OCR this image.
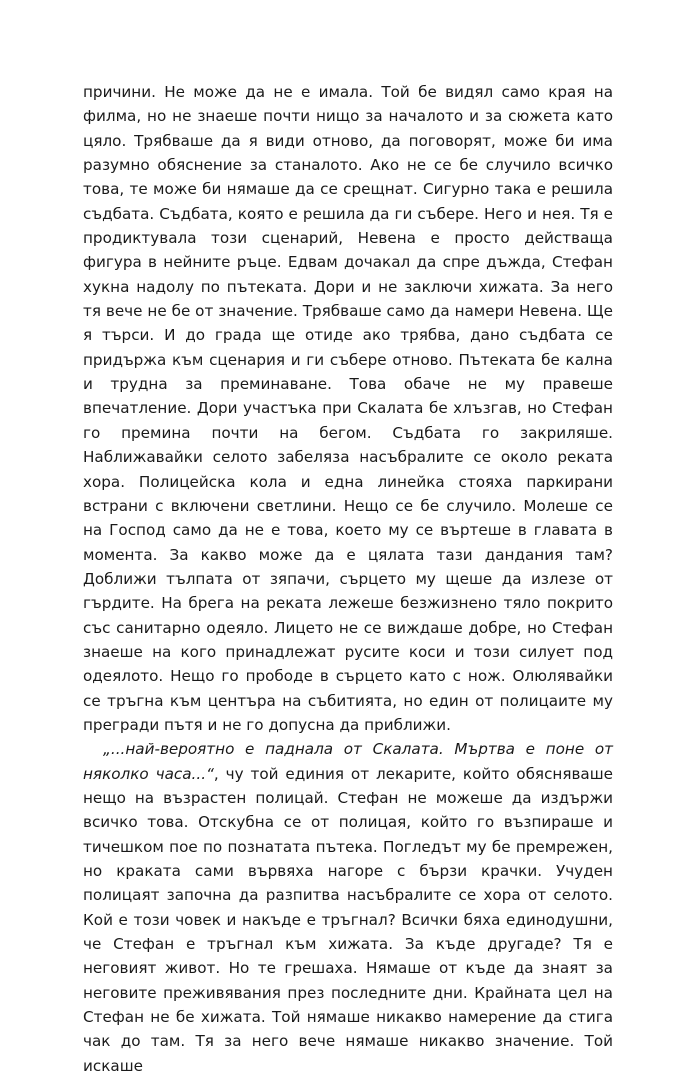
причини. Не може да не е имала. Той бе видял само края на филма, но не знаеше почти нищо за началото и за сюжета като цяло. Трябваше да я види отново, да поговорят, може би има разумно обяснение за станалото. Ако не се бе случило всичко това, те може би нямаше да се срещнат. Сигурно така е решила съдбата. Съдбата, която е решила да ги събере. Него и нея. Тя е продиктувала този сценарий, Невена е просто действаща фигура в нейните ръце. Едвам дочакал да спре дъжда, Стефан хукна надолу по пътеката. Дори и не заключи хижата. За него тя вече не бе от значение. Трябваше само да намери Невена. Ще я търси. И до града ще отиде ако трябва, дано съдбата се придържа към сценария и ги събере отново. Пътеката бе кална и трудна за преминаване. Това обаче не му правеше впечатление. Дори участъка при Скалата бе хлъзгав, но Стефан го премина почти на бегом. Съдбата го закриляше. Наближавайки селото забеляза насъбралите се около реката хора. Полицейска кола и една линейка стояха паркирани встрани с включени светлини. Нещо се бе случило. Молеше се на Господ само да не е това, което му се въртеше в главата в момента. За какво може да е цялата тази дандания там? Доближи тълпата от зяпачи, сърцето му щеше да излезе от гърдите. На брега на реката лежеше безжизнено тяло покрито със санитарно одеяло. Лицето не се виждаше добре, но Стефан знаеше на кого принадлежат русите коси и този силует под одеялото. Нещо го прободе в сърцето като с нож. Олюлявайки се тръгна към центъра на събитията, но един от полицаите му прегради пътя и не го допусна да приближи.

„...най-вероятно е паднала от Скалата. Мъртва е поне от няколко часа...“, чу той единия от лекарите, който обясняваше нещо на възрастен полицай. Стефан не можеше да издържи всичко това. Отскубна се от полицая, който го възпираше и тичешком пое по познатата пътека. Погледът му бе премрежен, но краката сами вървяха нагоре с бързи крачки. Учуден полицаят започна да разпитва насъбралите се хора от селото. Кой е този човек и накъде е тръгнал? Всички бяха единодушни, че Стефан е тръгнал към хижата. За къде другаде? Тя е неговият живот. Но те грешаха. Нямаше от къде да знаят за неговите преживявания през последните дни. Крайната цел на Стефан не бе хижата. Той нямаше никакво намерение да стига чак до там. Тя за него вече нямаше никакво значение. Той искаше
